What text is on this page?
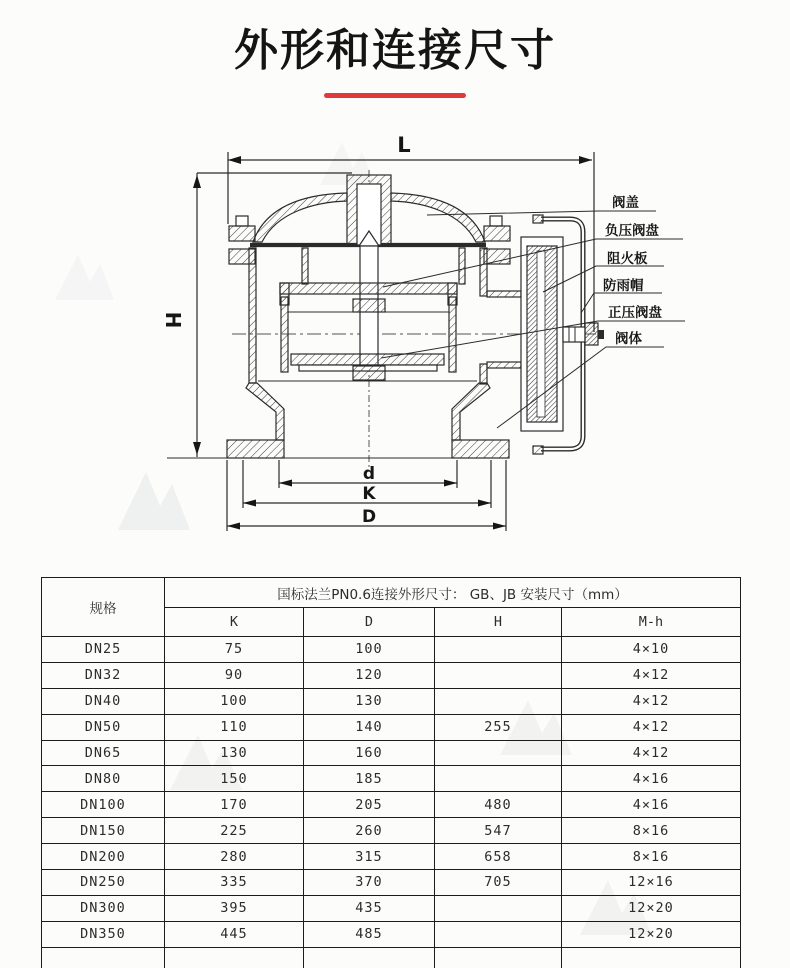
外形和连接尺寸
L
H
d
K
D
阀盖
负压阀盘
阻火板
防雨帽
正压阀盘
阀体
规格	国标法兰PN0.6连接外形尺寸： GB、JB 安装尺寸（mm）			
	K	D	H	M-h
DN25	75	100		4×10
DN32	90	120		4×12
DN40	100	130		4×12
DN50	110	140	255	4×12
DN65	130	160		4×12
DN80	150	185		4×16
DN100	170	205	480	4×16
DN150	225	260	547	8×16
DN200	280	315	658	8×16
DN250	335	370	705	12×16
DN300	395	435		12×20
DN350	445	485		12×20
